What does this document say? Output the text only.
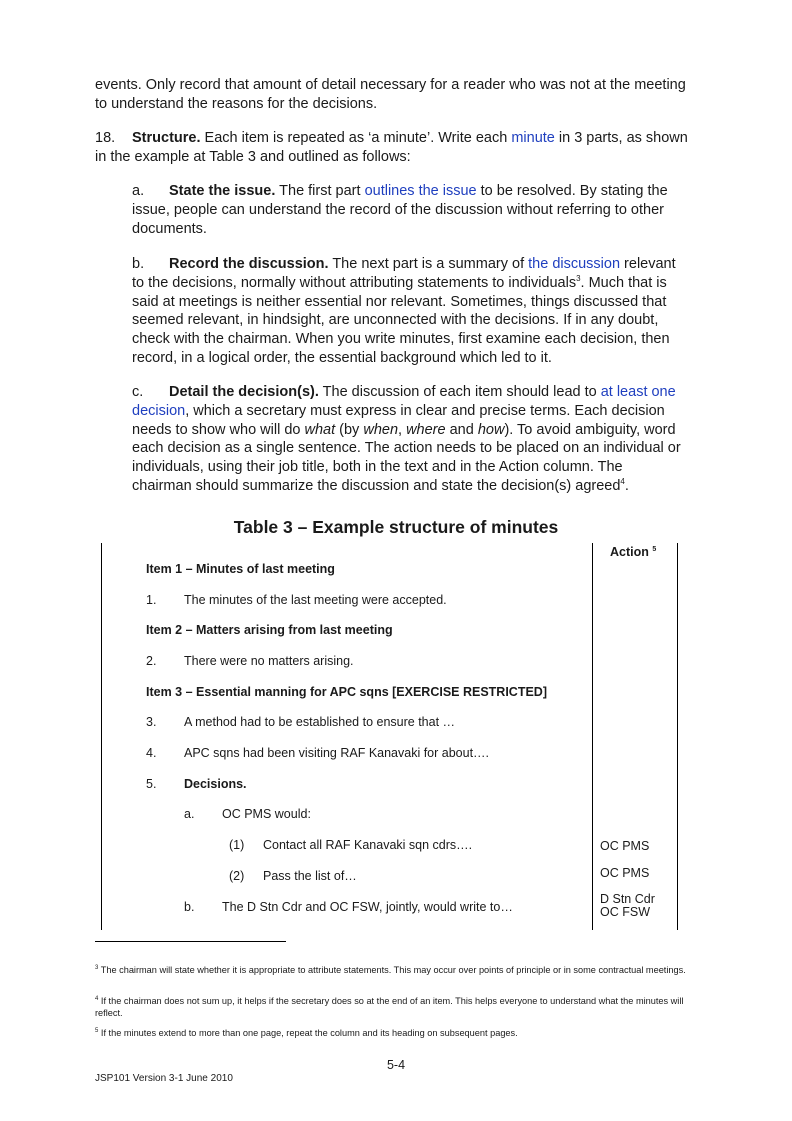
events. Only record that amount of detail necessary for a reader who was not at the meeting to understand the reasons for the decisions.
18. Structure. Each item is repeated as ‘a minute’. Write each minute in 3 parts, as shown in the example at Table 3 and outlined as follows:
a. State the issue. The first part outlines the issue to be resolved. By stating the issue, people can understand the record of the discussion without referring to other documents.
b. Record the discussion. The next part is a summary of the discussion relevant to the decisions, normally without attributing statements to individuals$^3$. Much that is said at meetings is neither essential nor relevant. Sometimes, things discussed that seemed relevant, in hindsight, are unconnected with the decisions. If in any doubt, check with the chairman. When you write minutes, first examine each decision, then record, in a logical order, the essential background which led to it.
c. Detail the decision(s). The discussion of each item should lead to at least one decision, which a secretary must express in clear and precise terms. Each decision needs to show who will do what (by when, where and how). To avoid ambiguity, word each decision as a single sentence. The action needs to be placed on an individual or individuals, using their job title, both in the text and in the Action column. The chairman should summarize the discussion and state the decision(s) agreed$^4$.
Table 3 – Example structure of minutes
Action $^5$
Item 1 – Minutes of last meeting
1. The minutes of the last meeting were accepted.
Item 2 – Matters arising from last meeting
2. There were no matters arising.
Item 3 – Essential manning for APC sqns [EXERCISE RESTRICTED]
3. A method had to be established to ensure that …
4. APC sqns had been visiting RAF Kanavaki for about….
5. Decisions.
a. OC PMS would:
(1) Contact all RAF Kanavaki sqn cdrs….	OC PMS
(2) Pass the list of…	OC PMS
b. The D Stn Cdr and OC FSW, jointly, would write to…
D Stn Cdr
OC FSW
$^3$ The chairman will state whether it is appropriate to attribute statements. This may occur over points of principle or in some contractual meetings.
$^4$ If the chairman does not sum up, it helps if the secretary does so at the end of an item. This helps everyone to understand what the minutes will reflect.
$^5$ If the minutes extend to more than one page, repeat the column and its heading on subsequent pages.
5-4
JSP101 Version 3-1 June 2010
